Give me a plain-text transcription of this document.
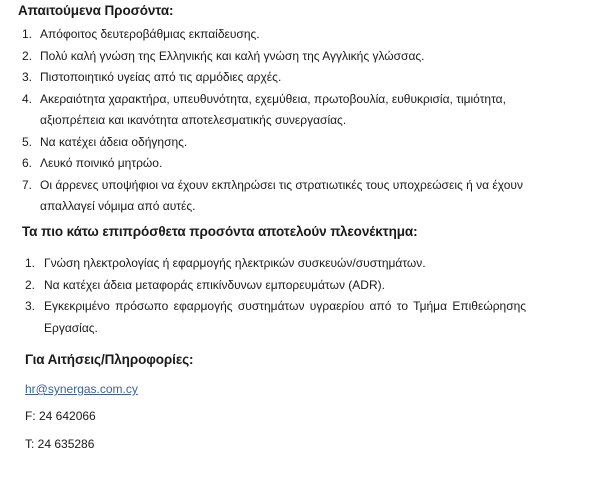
Απαιτούμενα Προσόντα:
1. Απόφοιτος δευτεροβάθμιας εκπαίδευσης.
2. Πολύ καλή γνώση της Ελληνικής και καλή γνώση της Αγγλικής γλώσσας.
3. Πιστοποιητικό υγείας από τις αρμόδιες αρχές.
4. Ακεραιότητα χαρακτήρα, υπευθυνότητα, εχεμύθεια, πρωτοβουλία, ευθυκρισία, τιμιότητα,
αξιοπρέπεια και ικανότητα αποτελεσματικής συνεργασίας.
5. Να κατέχει άδεια οδήγησης.
6. Λευκό ποινικό μητρώο.
7. Οι άρρενες υποψήφιοι να έχουν εκπληρώσει τις στρατιωτικές τους υποχρεώσεις ή να έχουν
απαλλαγεί νόμιμα από αυτές.
Τα πιο κάτω επιπρόσθετα προσόντα αποτελούν πλεονέκτημα:
1. Γνώση ηλεκτρολογίας ή εφαρμογής ηλεκτρικών συσκευών/συστημάτων.
2. Να κατέχει άδεια μεταφοράς επικίνδυνων εμπορευμάτων (ADR).
3. Εγκεκριμένο πρόσωπο εφαρμογής συστημάτων υγραερίου από το Τμήμα Επιθεώρησης
Εργασίας.
Για Αιτήσεις/Πληροφορίες:
hr@synergas.com.cy
F: 24 642066
T: 24 635286
